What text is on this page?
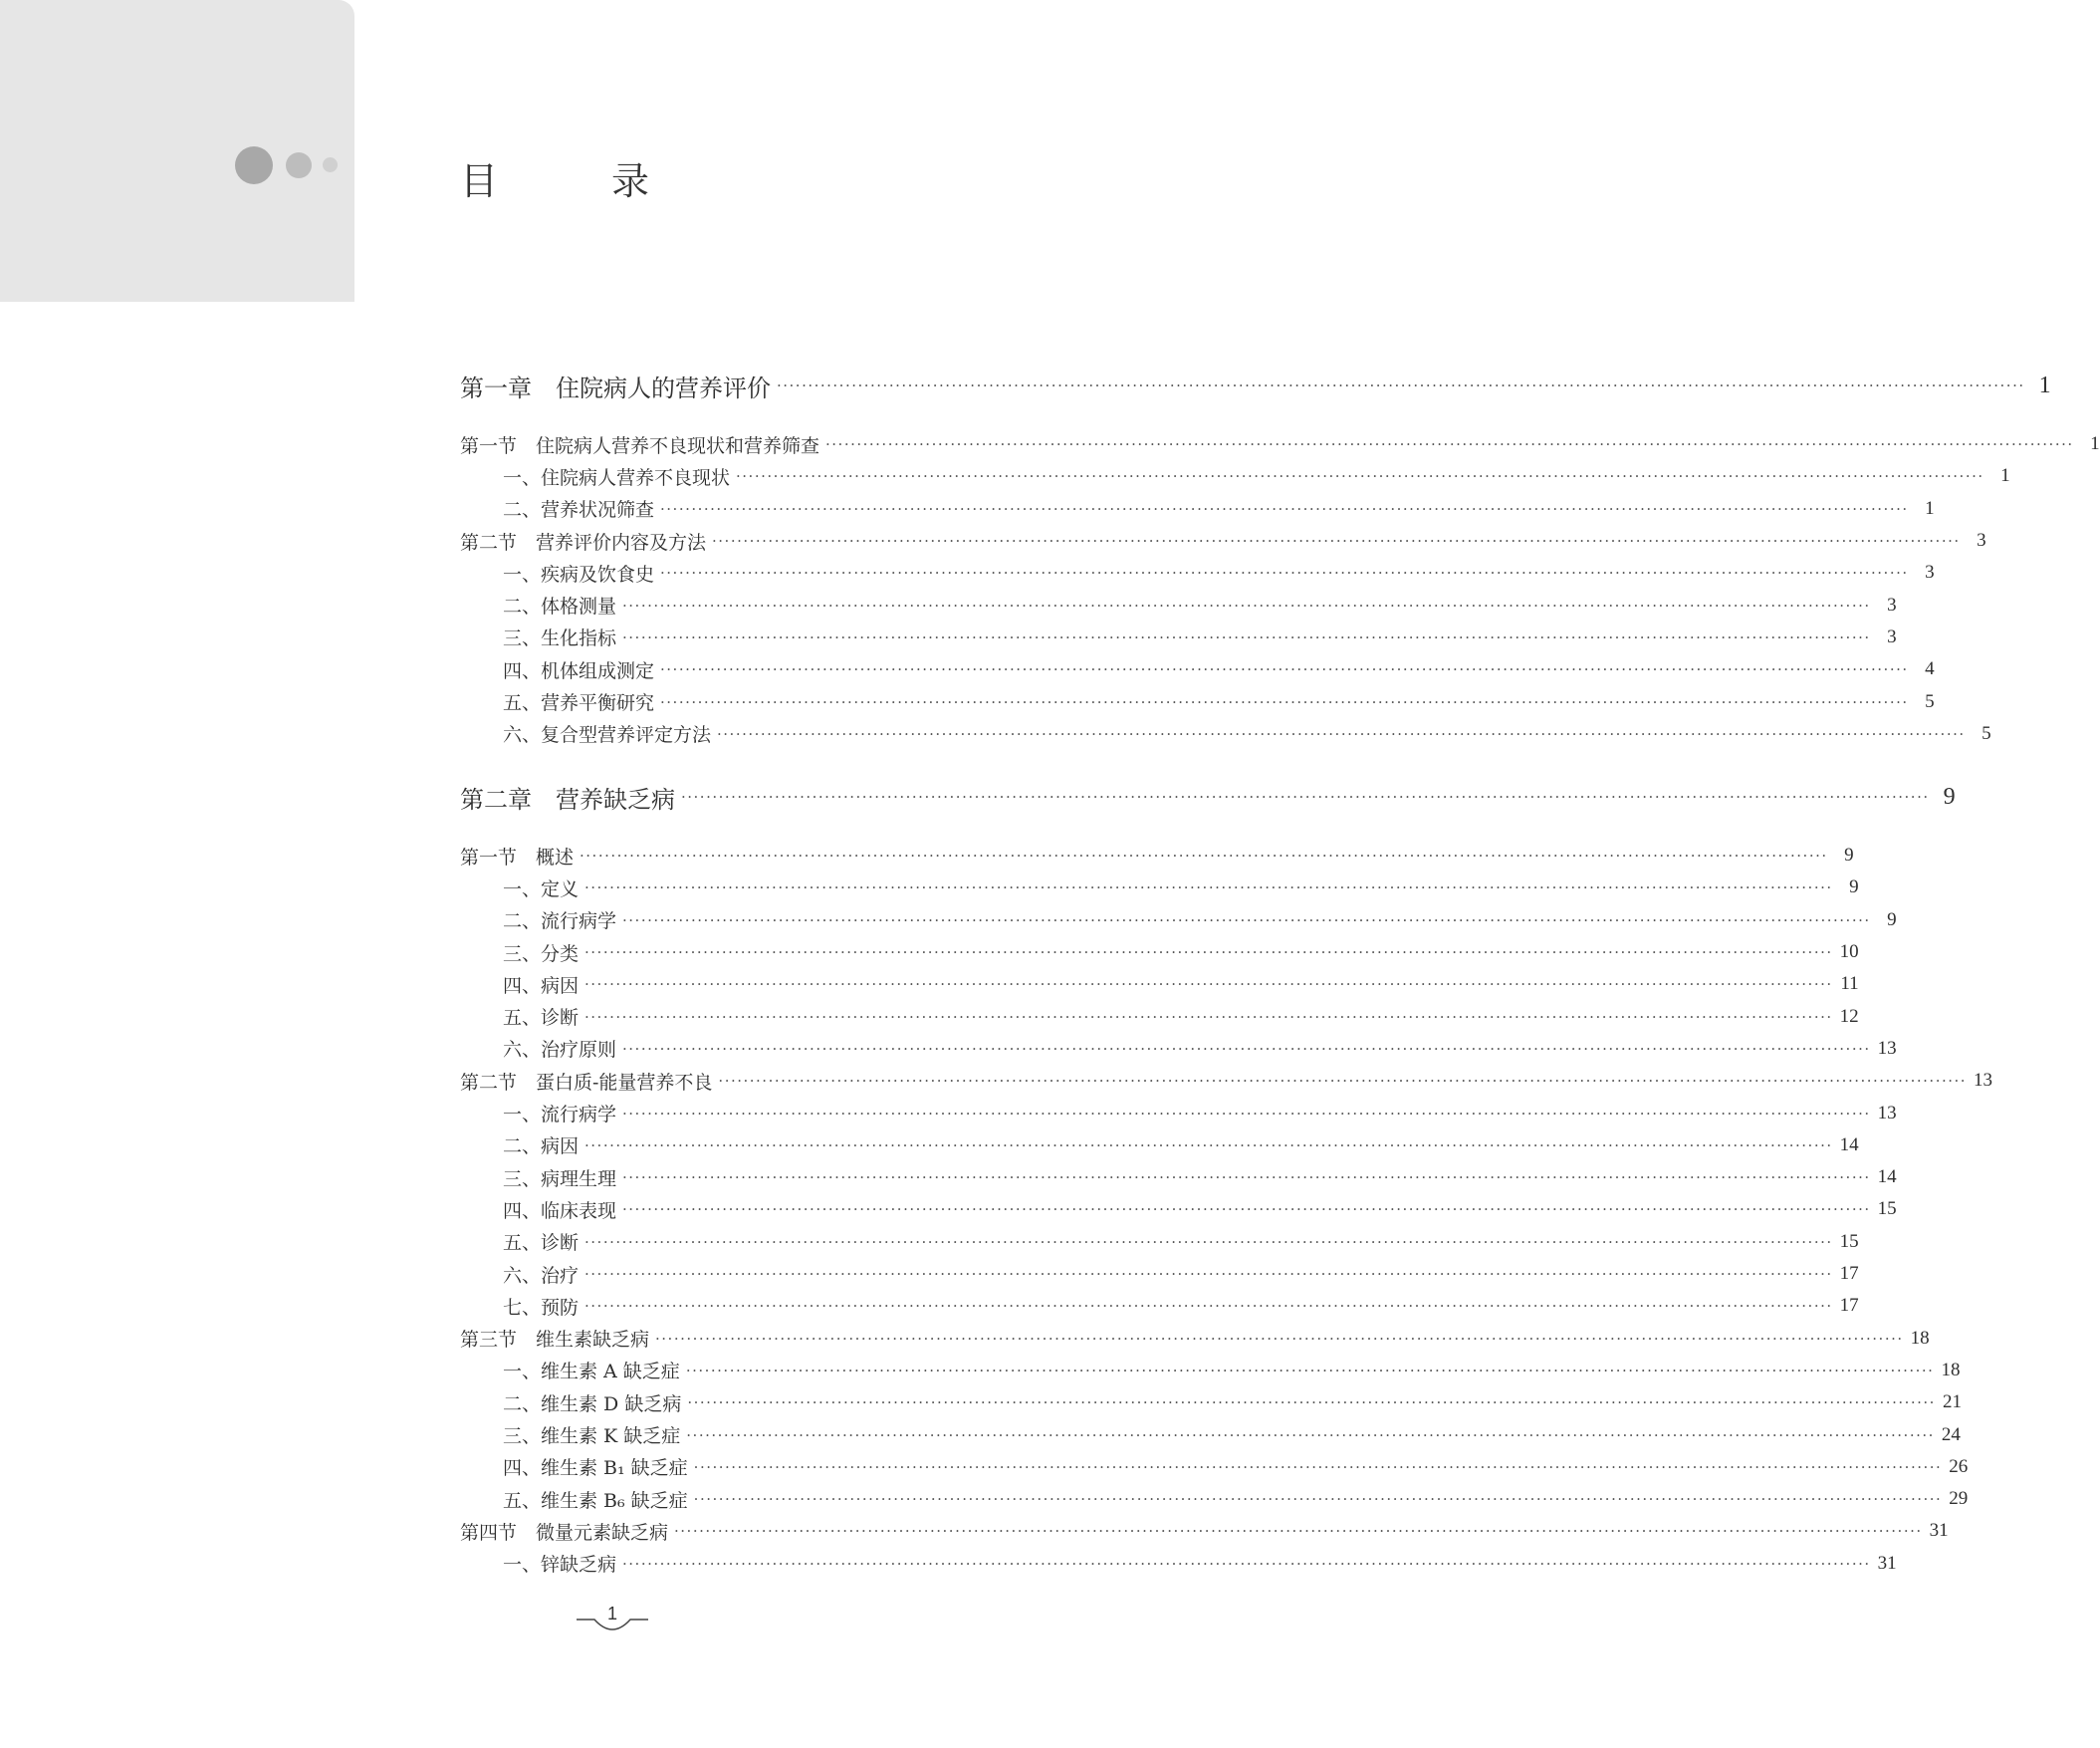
目　录
第一章　住院病人的营养评价 ········································································································································································································ 1
第一节　住院病人营养不良现状和营养筛查 ········································································································································································································ 1
一、住院病人营养不良现状 ········································································································································································································ 1
二、营养状况筛查 ········································································································································································································ 1
第二节　营养评价内容及方法 ········································································································································································································ 3
一、疾病及饮食史 ········································································································································································································ 3
二、体格测量 ········································································································································································································ 3
三、生化指标 ········································································································································································································ 3
四、机体组成测定 ········································································································································································································ 4
五、营养平衡研究 ········································································································································································································ 5
六、复合型营养评定方法 ········································································································································································································ 5
第二章　营养缺乏病 ········································································································································································································ 9
第一节　概述 ········································································································································································································ 9
一、定义 ········································································································································································································ 9
二、流行病学 ········································································································································································································ 9
三、分类 ········································································································································································································ 10
四、病因 ········································································································································································································ 11
五、诊断 ········································································································································································································ 12
六、治疗原则 ········································································································································································································ 13
第二节　蛋白质-能量营养不良 ········································································································································································································ 13
一、流行病学 ········································································································································································································ 13
二、病因 ········································································································································································································ 14
三、病理生理 ········································································································································································································ 14
四、临床表现 ········································································································································································································ 15
五、诊断 ········································································································································································································ 15
六、治疗 ········································································································································································································ 17
七、预防 ········································································································································································································ 17
第三节　维生素缺乏病 ········································································································································································································ 18
一、维生素 A 缺乏症 ········································································································································································································ 18
二、维生素 D 缺乏病 ········································································································································································································ 21
三、维生素 K 缺乏症 ········································································································································································································ 24
四、维生素 B₁ 缺乏症 ········································································································································································································ 26
五、维生素 B₆ 缺乏症 ········································································································································································································ 29
第四节　微量元素缺乏病 ········································································································································································································ 31
一、锌缺乏病 ········································································································································································································ 31
1
